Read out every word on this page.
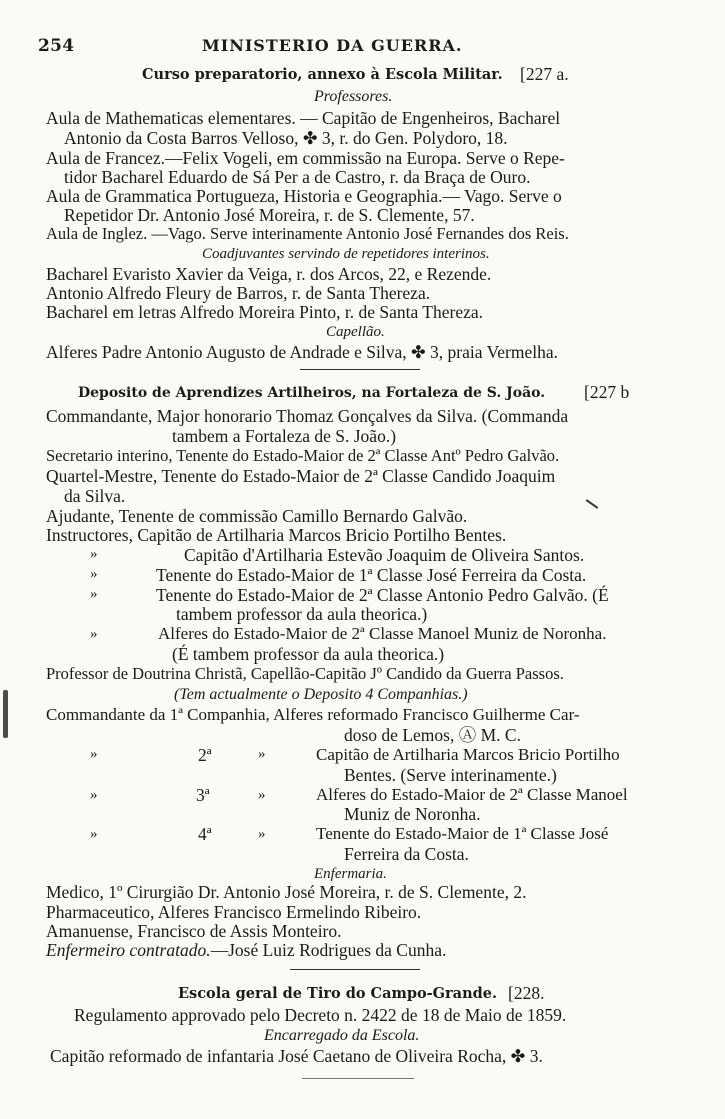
254	MINISTERIO DA GUERRA.
Curso preparatorio, annexo à Escola Militar. [227 a.
Professores.
Aula de Mathematicas elementares. — Capitão de Engenheiros, Bacharel
Antonio da Costa Barros Velloso, ✤ 3, r. do Gen. Polydoro, 18.
Aula de Francez.—Felix Vogeli, em commissão na Europa. Serve o Repe-
tidor Bacharel Eduardo de Sá Per a de Castro, r. da Braça de Ouro.
Aula de Grammatica Portugueza, Historia e Geographia.— Vago. Serve o
Repetidor Dr. Antonio José Moreira, r. de S. Clemente, 57.
Aula de Inglez. —Vago. Serve interinamente Antonio José Fernandes dos Reis.
Coadjuvantes servindo de repetidores interinos.
Bacharel Evaristo Xavier da Veiga, r. dos Arcos, 22, e Rezende.
Antonio Alfredo Fleury de Barros, r. de Santa Thereza.
Bacharel em letras Alfredo Moreira Pinto, r. de Santa Thereza.
Capellão.
Alferes Padre Antonio Augusto de Andrade e Silva, ✤ 3, praia Vermelha.
Deposito de Aprendizes Artilheiros, na Fortaleza de S. João. [227 b
Commandante, Major honorario Thomaz Gonçalves da Silva. (Commanda
tambem a Fortaleza de S. João.)
Secretario interino, Tenente do Estado-Maior de 2ª Classe Antº Pedro Galvão.
Quartel-Mestre, Tenente do Estado-Maior de 2ª Classe Candido Joaquim
da Silva.
Ajudante, Tenente de commissão Camillo Bernardo Galvão.
Instructores, Capitão de Artilharia Marcos Bricio Portilho Bentes.
»	Capitão d'Artilharia Estevão Joaquim de Oliveira Santos.
»	Tenente do Estado-Maior de 1ª Classe José Ferreira da Costa.
»	Tenente do Estado-Maior de 2ª Classe Antonio Pedro Galvão. (É
tambem professor da aula theorica.)
»	Alferes do Estado-Maior de 2ª Classe Manoel Muniz de Noronha.
(É tambem professor da aula theorica.)
Professor de Doutrina Christã, Capellão-Capitão Jº Candido da Guerra Passos.
(Tem actualmente o Deposito 4 Companhias.)
Commandante da 1ª Companhia, Alferes reformado Francisco Guilherme Car-
doso de Lemos, Ⓐ M. C.
»	2ª	»	Capitão de Artilharia Marcos Bricio Portilho
Bentes. (Serve interinamente.)
»	3ª	»	Alferes do Estado-Maior de 2ª Classe Manoel
Muniz de Noronha.
»	4ª	»	Tenente do Estado-Maior de 1ª Classe José
Ferreira da Costa.
Enfermaria.
Medico, 1º Cirurgião Dr. Antonio José Moreira, r. de S. Clemente, 2.
Pharmaceutico, Alferes Francisco Ermelindo Ribeiro.
Amanuense, Francisco de Assis Monteiro.
Enfermeiro contratado.—José Luiz Rodrigues da Cunha.
Escola geral de Tiro do Campo-Grande. [228.
Regulamento approvado pelo Decreto n. 2422 de 18 de Maio de 1859.
Encarregado da Escola.
Capitão reformado de infantaria José Caetano de Oliveira Rocha, ✤ 3.
